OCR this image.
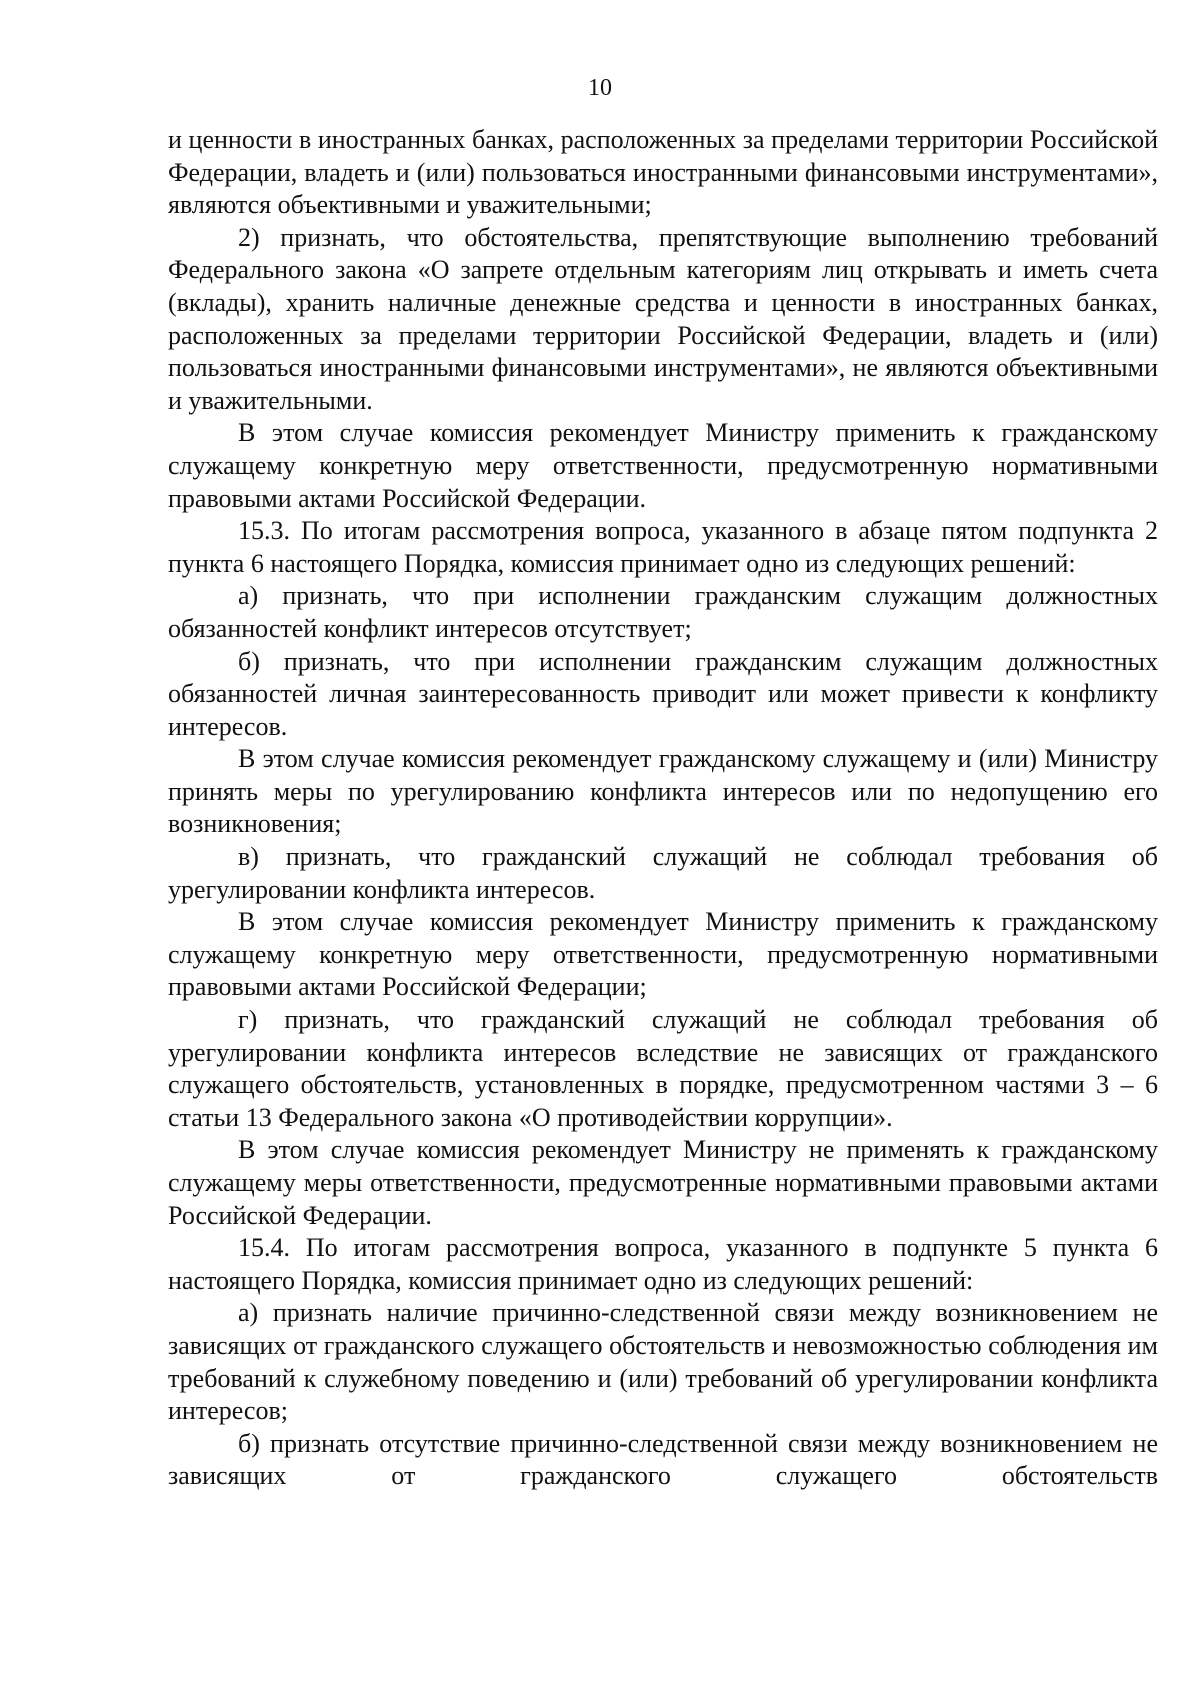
10

и ценности в иностранных банках, расположенных за пределами территории Российской Федерации, владеть и (или) пользоваться иностранными финансовыми инструментами», являются объективными и уважительными;

2) признать, что обстоятельства, препятствующие выполнению требований Федерального закона «О запрете отдельным категориям лиц открывать и иметь счета (вклады), хранить наличные денежные средства и ценности в иностранных банках, расположенных за пределами территории Российской Федерации, владеть и (или) пользоваться иностранными финансовыми инструментами», не являются объективными и уважительными.

В этом случае комиссия рекомендует Министру применить к гражданскому служащему конкретную меру ответственности, предусмотренную нормативными правовыми актами Российской Федерации.

15.3. По итогам рассмотрения вопроса, указанного в абзаце пятом подпункта 2 пункта 6 настоящего Порядка, комиссия принимает одно из следующих решений:

а) признать, что при исполнении гражданским служащим должностных обязанностей конфликт интересов отсутствует;

б) признать, что при исполнении гражданским служащим должностных обязанностей личная заинтересованность приводит или может привести к конфликту интересов.

В этом случае комиссия рекомендует гражданскому служащему и (или) Министру принять меры по урегулированию конфликта интересов или по недопущению его возникновения;

в) признать, что гражданский служащий не соблюдал требования об урегулировании конфликта интересов.

В этом случае комиссия рекомендует Министру применить к гражданскому служащему конкретную меру ответственности, предусмотренную нормативными правовыми актами Российской Федерации;

г) признать, что гражданский служащий не соблюдал требования об урегулировании конфликта интересов вследствие не зависящих от гражданского служащего обстоятельств, установленных в порядке, предусмотренном частями 3 – 6 статьи 13 Федерального закона «О противодействии коррупции».

В этом случае комиссия рекомендует Министру не применять к гражданскому служащему меры ответственности, предусмотренные нормативными правовыми актами Российской Федерации.

15.4. По итогам рассмотрения вопроса, указанного в подпункте 5 пункта 6 настоящего Порядка, комиссия принимает одно из следующих решений:

а) признать наличие причинно-следственной связи между возникновением не зависящих от гражданского служащего обстоятельств и невозможностью соблюдения им требований к служебному поведению и (или) требований об урегулировании конфликта интересов;

б) признать отсутствие причинно-следственной связи между возникновением не зависящих от гражданского служащего обстоятельств
